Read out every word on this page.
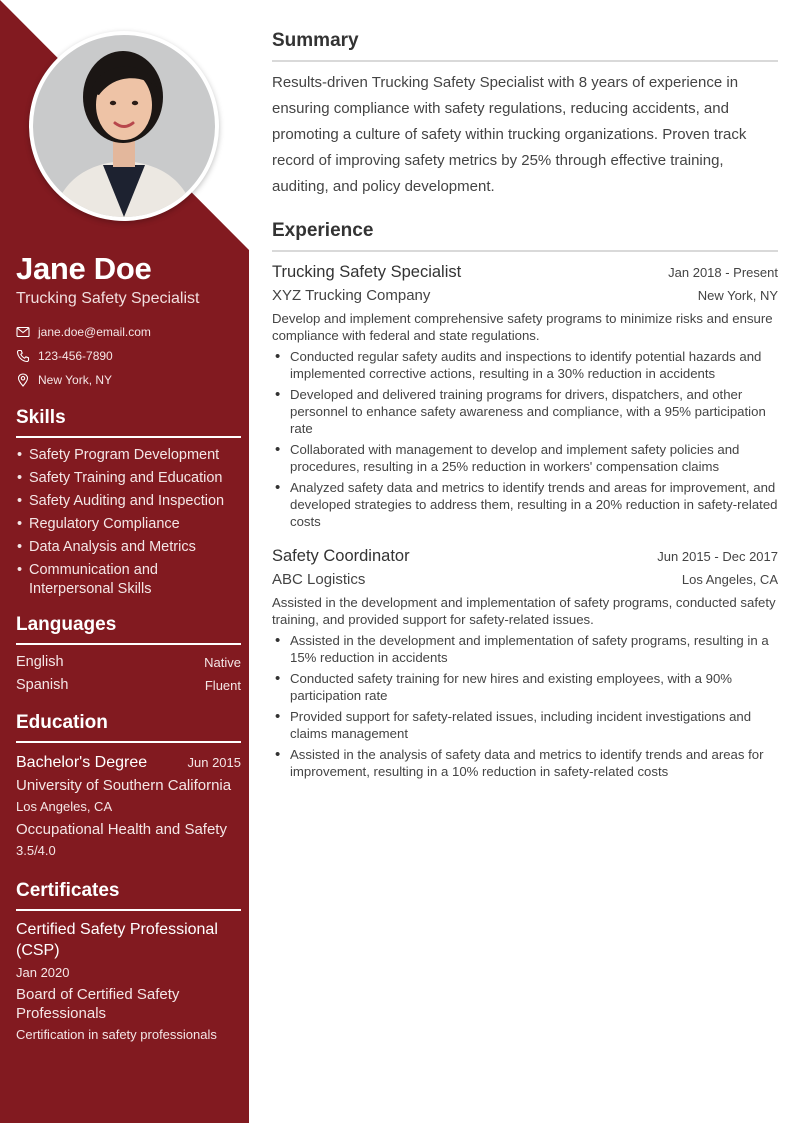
Jane Doe
Trucking Safety Specialist
jane.doe@email.com
123-456-7890
New York, NY
Skills
• Safety Program Development
• Safety Training and Education
• Safety Auditing and Inspection
• Regulatory Compliance
• Data Analysis and Metrics
• Communication and Interpersonal Skills
Languages
English	Native
Spanish	Fluent
Education
Bachelor's Degree	Jun 2015
University of Southern California
Los Angeles, CA
Occupational Health and Safety
3.5/4.0
Certificates
Certified Safety Professional (CSP)
Jan 2020
Board of Certified Safety Professionals
Certification in safety professionals
Summary

Results-driven Trucking Safety Specialist with 8 years of experience in ensuring compliance with safety regulations, reducing accidents, and promoting a culture of safety within trucking organizations. Proven track record of improving safety metrics by 25% through effective training, auditing, and policy development.

Experience
Trucking Safety Specialist	Jan 2018 - Present
XYZ Trucking Company	New York, NY

Develop and implement comprehensive safety programs to minimize risks and ensure compliance with federal and state regulations.

• Conducted regular safety audits and inspections to identify potential hazards and implemented corrective actions, resulting in a 30% reduction in accidents
• Developed and delivered training programs for drivers, dispatchers, and other personnel to enhance safety awareness and compliance, with a 95% participation rate
• Collaborated with management to develop and implement safety policies and procedures, resulting in a 25% reduction in workers' compensation claims
• Analyzed safety data and metrics to identify trends and areas for improvement, and developed strategies to address them, resulting in a 20% reduction in safety-related costs
Safety Coordinator	Jun 2015 - Dec 2017
ABC Logistics	Los Angeles, CA

Assisted in the development and implementation of safety programs, conducted safety training, and provided support for safety-related issues.

• Assisted in the development and implementation of safety programs, resulting in a 15% reduction in accidents
• Conducted safety training for new hires and existing employees, with a 90% participation rate
• Provided support for safety-related issues, including incident investigations and claims management
• Assisted in the analysis of safety data and metrics to identify trends and areas for improvement, resulting in a 10% reduction in safety-related costs
